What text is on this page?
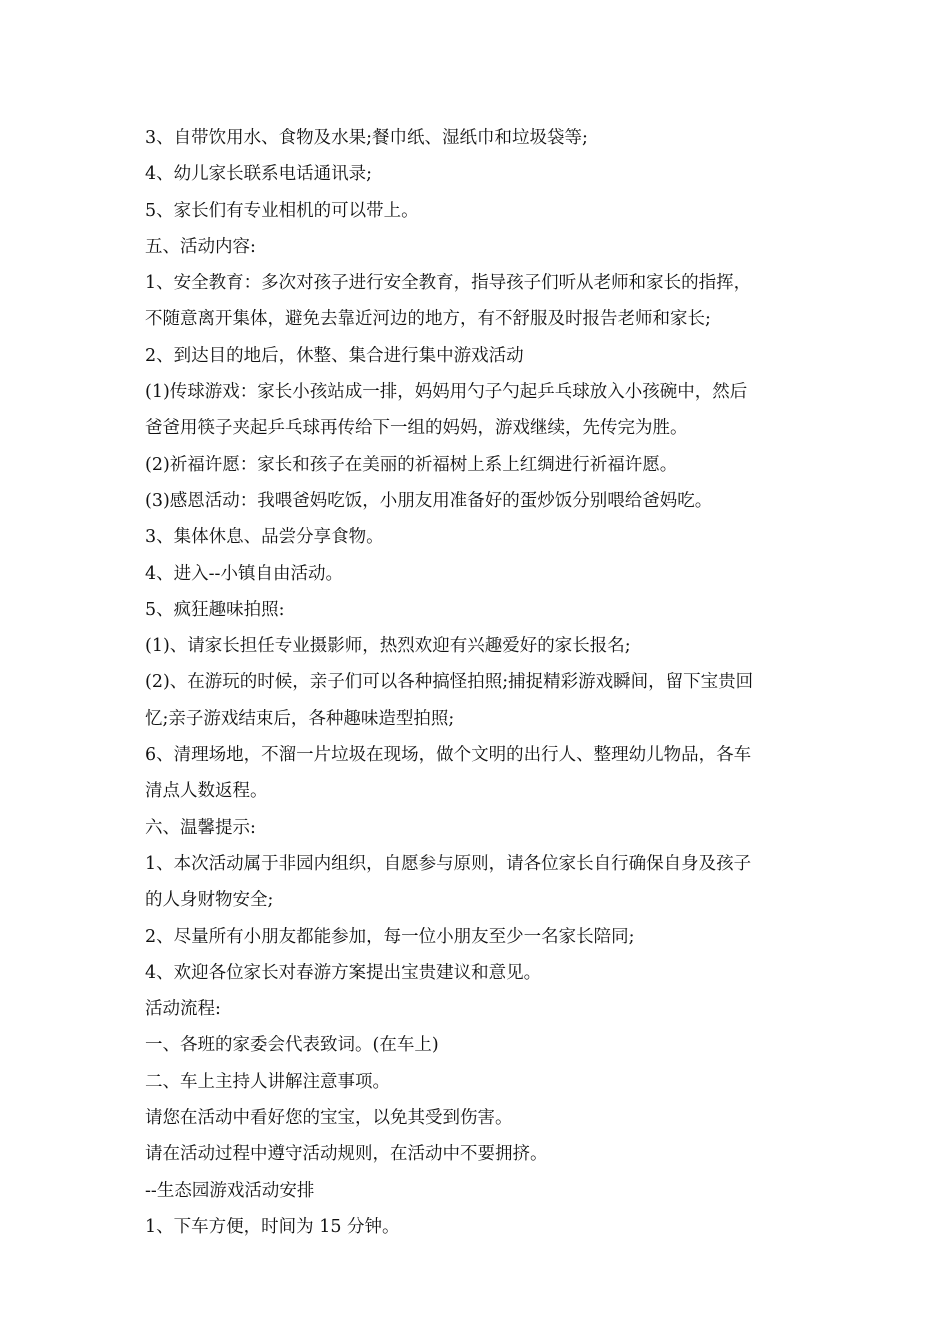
3、自带饮用水、食物及水果;餐巾纸、湿纸巾和垃圾袋等;
4、幼儿家长联系电话通讯录;
5、家长们有专业相机的可以带上。
五、活动内容:
1、安全教育：多次对孩子进行安全教育，指导孩子们听从老师和家长的指挥，
不随意离开集体，避免去靠近河边的地方，有不舒服及时报告老师和家长;
2、到达目的地后，休整、集合进行集中游戏活动
(1)传球游戏：家长小孩站成一排，妈妈用勺子勺起乒乓球放入小孩碗中，然后
爸爸用筷子夹起乒乓球再传给下一组的妈妈，游戏继续，先传完为胜。
(2)祈福许愿：家长和孩子在美丽的祈福树上系上红绸进行祈福许愿。
(3)感恩活动：我喂爸妈吃饭，小朋友用准备好的蛋炒饭分别喂给爸妈吃。
3、集体休息、品尝分享食物。
4、进入--小镇自由活动。
5、疯狂趣味拍照:
(1)、请家长担任专业摄影师，热烈欢迎有兴趣爱好的家长报名;
(2)、在游玩的时候，亲子们可以各种搞怪拍照;捕捉精彩游戏瞬间，留下宝贵回
忆;亲子游戏结束后，各种趣味造型拍照;
6、清理场地，不溜一片垃圾在现场，做个文明的出行人、整理幼儿物品，各车
清点人数返程。
六、温馨提示:
1、本次活动属于非园内组织，自愿参与原则，请各位家长自行确保自身及孩子
的人身财物安全;
2、尽量所有小朋友都能参加，每一位小朋友至少一名家长陪同;
4、欢迎各位家长对春游方案提出宝贵建议和意见。
活动流程:
一、各班的家委会代表致词。(在车上)
二、车上主持人讲解注意事项。
请您在活动中看好您的宝宝，以免其受到伤害。
请在活动过程中遵守活动规则，在活动中不要拥挤。
--生态园游戏活动安排
1、下车方便，时间为 15 分钟。
